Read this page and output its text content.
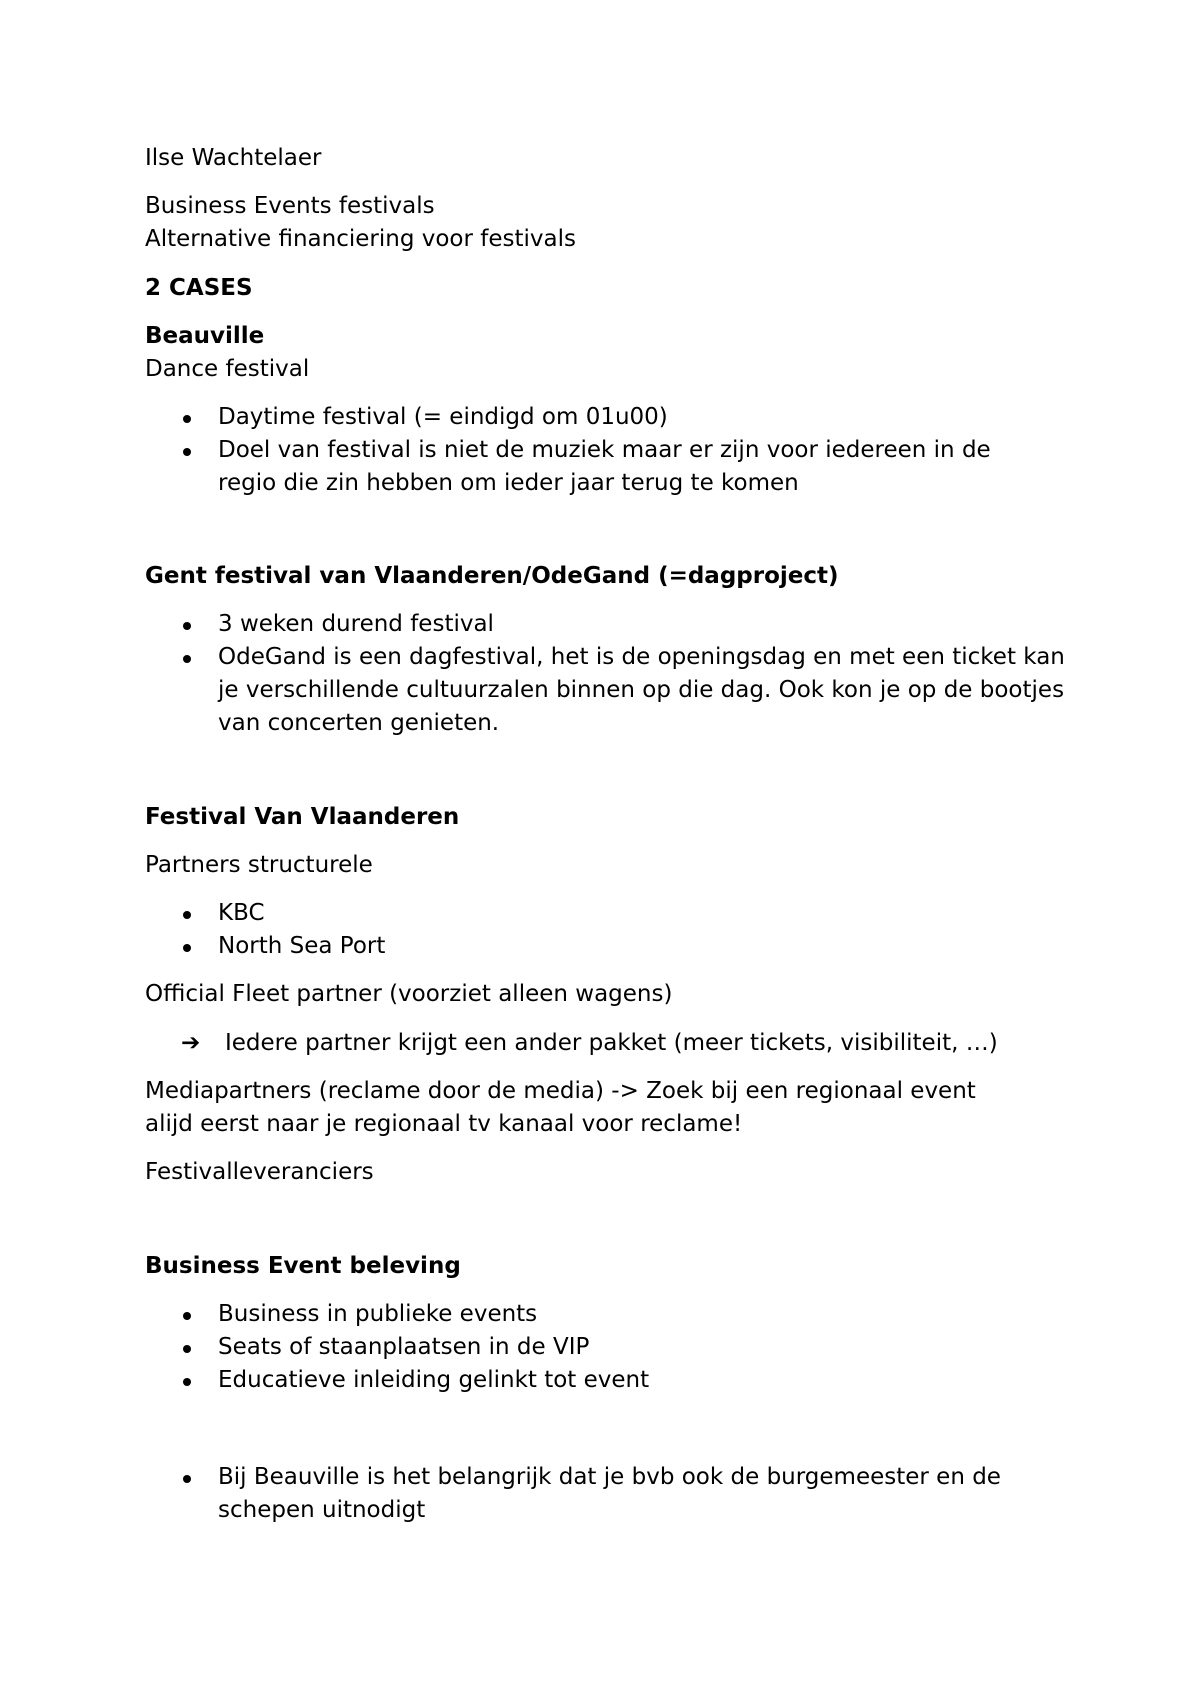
Ilse Wachtelaer

Business Events festivals

Alternative financiering voor festivals

2 CASES

Beauville

Dance festival

Daytime festival (= eindigd om 01u00)
Doel van festival is niet de muziek maar er zijn voor iedereen in de regio die zin hebben om ieder jaar terug te komen

Gent festival van Vlaanderen/OdeGand (=dagproject)

3 weken durend festival
OdeGand is een dagfestival, het is de openingsdag en met een ticket kan je verschillende cultuurzalen binnen op die dag. Ook kon je op de bootjes van concerten genieten.

Festival Van Vlaanderen

Partners structurele

KBC
North Sea Port

Official Fleet partner (voorziet alleen wagens)

➔ Iedere partner krijgt een ander pakket (meer tickets, visibiliteit, …)

Mediapartners (reclame door de media) -> Zoek bij een regionaal event

alijd eerst naar je regionaal tv kanaal voor reclame!

Festivalleveranciers

Business Event beleving

Business in publieke events
Seats of staanplaatsen in de VIP
Educatieve inleiding gelinkt tot event
Bij Beauville is het belangrijk dat je bvb ook de burgemeester en de schepen uitnodigt
